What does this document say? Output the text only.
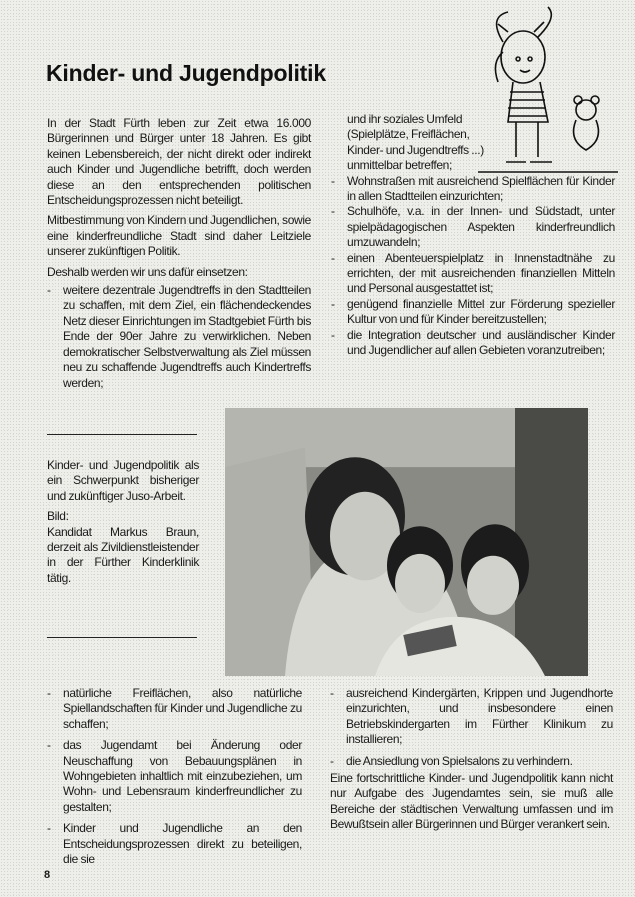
Kinder- und Jugendpolitik

In der Stadt Fürth leben zur Zeit etwa 16.000 Bürgerinnen und Bürger unter 18 Jahren. Es gibt keinen Lebensbereich, der nicht direkt oder indirekt auch Kinder und Jugendliche betrifft, doch werden diese an den entsprechenden politischen Entscheidungsprozessen nicht beteiligt.

Mitbestimmung von Kindern und Jugendlichen, sowie eine kinderfreundliche Stadt sind daher Leitziele unserer zukünftigen Politik.

Deshalb werden wir uns dafür einsetzen:

- weitere dezentrale Jugendtreffs in den Stadtteilen zu schaffen, mit dem Ziel, ein flächendeckendes Netz dieser Einrichtungen im Stadtgebiet Fürth bis Ende der 90er Jahre zu verwirklichen. Neben demokratischer Selbstverwaltung als Ziel müssen neu zu schaffende Jugendtreffs auch Kindertreffs werden;
und ihr soziales Umfeld (Spielplätze, Freiflächen, Kinder- und Jugendtreffs ...) unmittelbar betreffen;
- Wohnstraßen mit ausreichend Spielflächen für Kinder in allen Stadtteilen einzurichten;
- Schulhöfe, v.a. in der Innen- und Südstadt, unter spielpädagogischen Aspekten kinderfreundlich umzuwandeln;
- einen Abenteuerspielplatz in Innenstadtnähe zu errichten, der mit ausreichenden finanziellen Mitteln und Personal ausgestattet ist;
- genügend finanzielle Mittel zur Förderung spezieller Kultur von und für Kinder bereitzustellen;
- die Integration deutscher und ausländischer Kinder und Jugendlicher auf allen Gebieten voranzutreiben;

Kinder- und Jugendpolitik als ein Schwerpunkt bisheriger und zukünftiger Juso-Arbeit.

Bild:

Kandidat Markus Braun, derzeit als Zivildienstleistender in der Fürther Kinderklinik tätig.

- natürliche Freiflächen, also natürliche Spiellandschaften für Kinder und Jugendliche zu schaffen;
- das Jugendamt bei Änderung oder Neuschaffung von Bebauungsplänen in Wohngebieten inhaltlich mit einzubeziehen, um Wohn- und Lebensraum kinderfreundlicher zu gestalten;
- Kinder und Jugendliche an den Entscheidungsprozessen direkt zu beteiligen, die sie
- ausreichend Kindergärten, Krippen und Jugendhorte einzurichten, und insbesondere einen Betriebskindergarten im Fürther Klinikum zu installieren;
- die Ansiedlung von Spielsalons zu verhindern.

Eine fortschrittliche Kinder- und Jugendpolitik kann nicht nur Aufgabe des Jugendamtes sein, sie muß alle Bereiche der städtischen Verwaltung umfassen und im Bewußtsein aller Bürgerinnen und Bürger verankert sein.

8
